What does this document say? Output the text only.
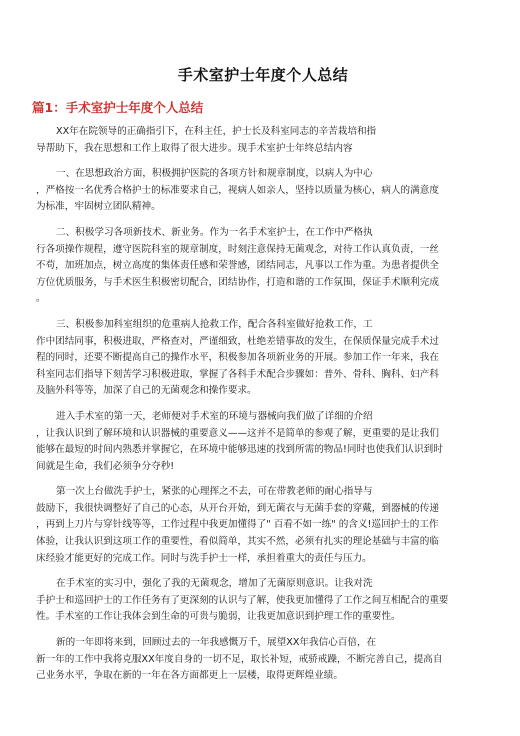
手术室护士年度个人总结
篇1：手术室护士年度个人总结
XX年在院领导的正确指引下，在科主任，护士长及科室同志的辛苦栽培和指
导帮助下，我在思想和工作上取得了很大进步。现手术室护士年终总结内容
一、在思想政治方面，积极拥护医院的各项方针和规章制度，以病人为中心
，严格按一名优秀合格护士的标准要求自己，视病人如亲人，坚持以质量为核心，病人的满意度
为标准，牢固树立团队精神。
二、积极学习各项新技术、新业务。作为一名手术室护士，在工作中严格执
行各项操作规程，遵守医院科室的规章制度，时刻注意保持无菌观念，对待工作认真负责，一丝
不苟，加班加点，树立高度的集体责任感和荣誉感，团结同志，凡事以工作为重。为患者提供全
方位优质服务，与手术医生积极密切配合，团结协作，打造和谐的工作氛围，保证手术顺利完成
。
三、积极参加科室组织的危重病人抢救工作，配合各科室做好抢救工作，工
作中团结同事，积极进取，严格查对，严谨细致，杜绝差错事故的发生，在保质保量完成手术过
程的同时，还要不断提高自己的操作水平，积极参加各项新业务的开展。参加工作一年来，我在
科室同志们指导下刻苦学习积极进取，掌握了各科手术配合步骤如：普外、骨科、胸科、妇产科
及脑外科等等，加深了自己的无菌观念和操作要求。
进入手术室的第一天，老师便对手术室的环境与器械向我们做了详细的介绍
，让我认识到了解环境和认识器械的重要意义——这并不是简单的参观了解，更重要的是让我们
能够在最短的时间内熟悉并掌握它，在环境中能够迅速的找到所需的物品!同时也使我们认识到时
间就是生命，我们必须争分夺秒!
第一次上台做洗手护士，紧张的心理挥之不去，可在带教老师的耐心指导与
鼓励下，我很快调整好了自己的心态，从开台开始，到无菌衣与无菌手套的穿戴，到器械的传递
，再到上刀片与穿针线等等，工作过程中我更加懂得了" 百看不如一练" 的含义!巡回护士的工作
体验，让我认识到这项工作的重要性，看似简单，其实不然，必须有扎实的理论基础与丰富的临
床经验才能更好的完成工作。同时与洗手护士一样，承担着重大的责任与压力。
在手术室的实习中，强化了我的无菌观念，增加了无菌原则意识。让我对洗
手护士和巡回护士的工作任务有了更深刻的认识与了解，使我更加懂得了工作之间互相配合的重要
性。手术室的工作让我体会到生命的可贵与脆弱，让我更加意识到护理工作的重要性。
新的一年即将来到，回顾过去的一年我感慨万千，展望XX年我信心百倍，在
新一年的工作中我将克服XX年度自身的一切不足，取长补短，戒骄戒躁，不断完善自己，提高自
己业务水平，争取在新的一年在各方面都更上一层楼，取得更辉煌业绩。
